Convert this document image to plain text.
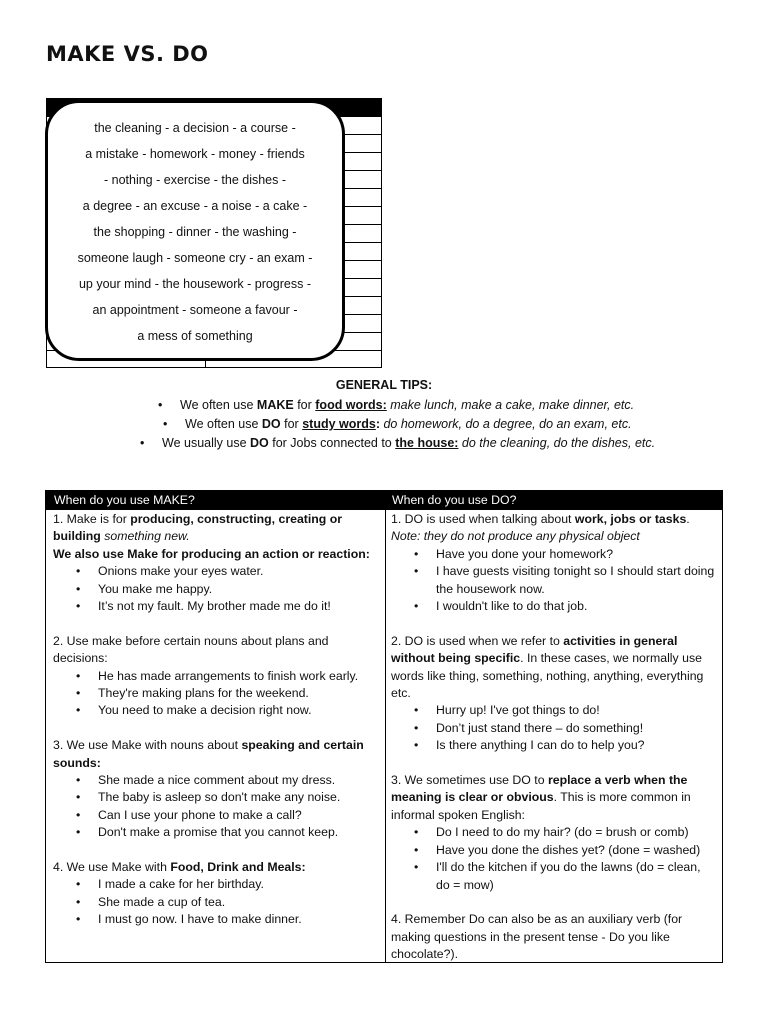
MAKE VS. DO
the cleaning - a decision - a course -
a mistake - homework - money - friends
- nothing - exercise - the dishes -
a degree - an excuse - a noise - a cake -
the shopping - dinner - the washing -
someone laugh - someone cry - an exam -
up your mind - the housework - progress -
an appointment - someone a favour -
a mess of something
GENERAL TIPS:
• We often use MAKE for food words: make lunch, make a cake, make dinner, etc.
• We often use DO for study words: do homework, do a degree, do an exam, etc.
• We usually use DO for Jobs connected to the house: do the cleaning, do the dishes, etc.
When do you use MAKE?	When do you use DO?

1. Make is for producing, constructing, creating or building something new.

We also use Make for producing an action or reaction:

• Onions make your eyes water.
• You make me happy.
• It’s not my fault. My brother made me do it!

2. Use make before certain nouns about plans and decisions:

• He has made arrangements to finish work early.
• They're making plans for the weekend.
• You need to make a decision right now.

3. We use Make with nouns about speaking and certain sounds:

• She made a nice comment about my dress.
• The baby is asleep so don't make any noise.
• Can I use your phone to make a call?
• Don't make a promise that you cannot keep.

4. We use Make with Food, Drink and Meals:

• I made a cake for her birthday.
• She made a cup of tea.
• I must go now. I have to make dinner.

1. DO is used when talking about work, jobs or tasks.

Note: they do not produce any physical object

• Have you done your homework?
• I have guests visiting tonight so I should start doing the housework now.
• I wouldn't like to do that job.

2. DO is used when we refer to activities in general without being specific. In these cases, we normally use words like thing, something, nothing, anything, everything etc.

• Hurry up! I've got things to do!
• Don’t just stand there – do something!
• Is there anything I can do to help you?

3. We sometimes use DO to replace a verb when the meaning is clear or obvious. This is more common in informal spoken English:

• Do I need to do my hair? (do = brush or comb)
• Have you done the dishes yet? (done = washed)
• I'll do the kitchen if you do the lawns (do = clean, do = mow)

4. Remember Do can also be as an auxiliary verb (for making questions in the present tense - Do you like chocolate?).
